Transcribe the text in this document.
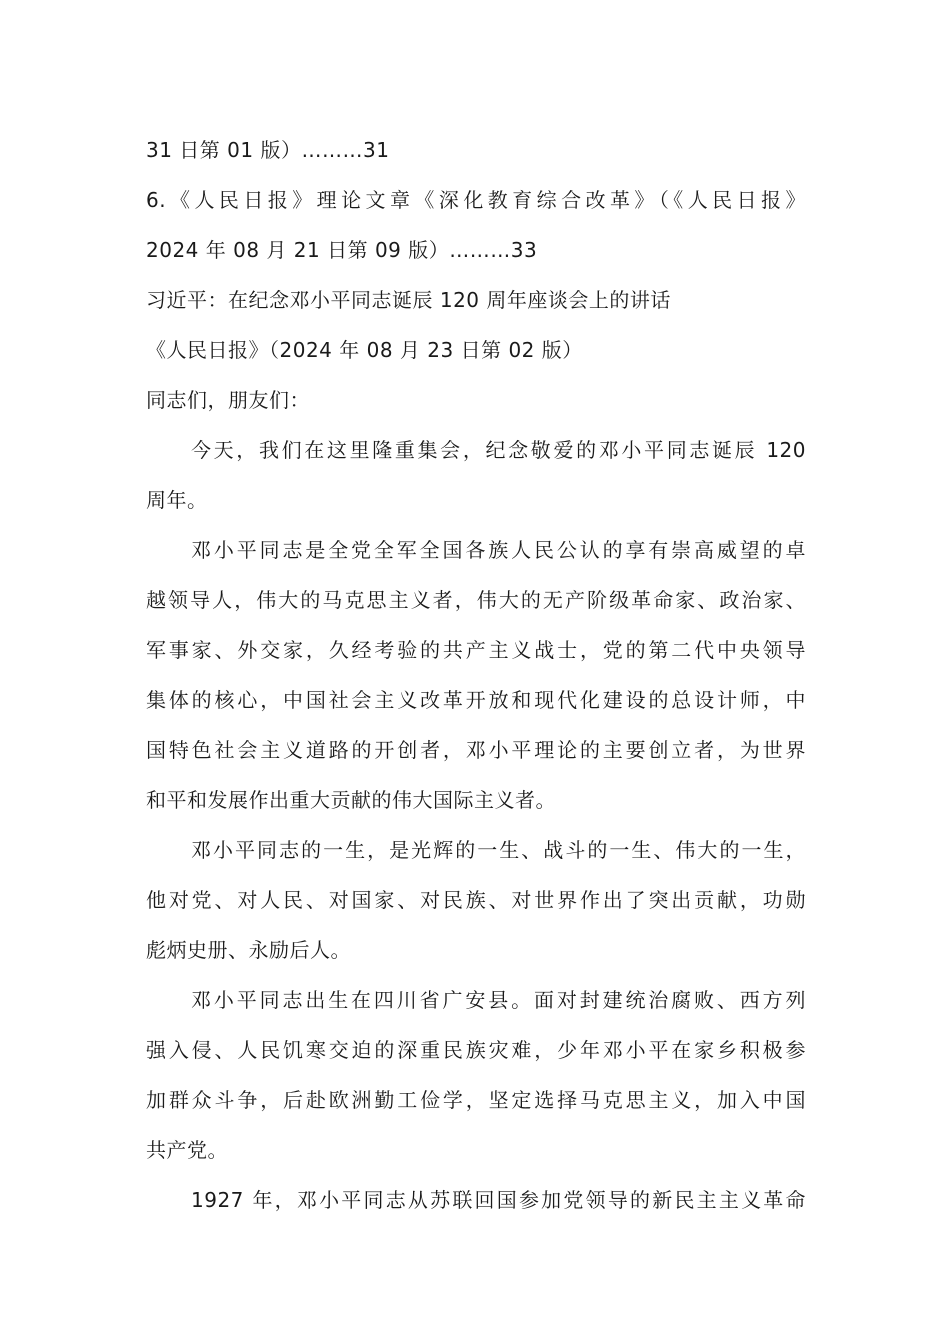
31 日第 01 版）………31
6.《人民日报》理论文章《深化教育综合改革》（《人民日报》
2024 年 08 月 21 日第 09 版）………33
习近平：在纪念邓小平同志诞辰 120 周年座谈会上的讲话
《人民日报》（2024 年 08 月 23 日第 02 版）
同志们，朋友们：
今天，我们在这里隆重集会，纪念敬爱的邓小平同志诞辰 120
周年。
邓小平同志是全党全军全国各族人民公认的享有崇高威望的卓
越领导人，伟大的马克思主义者，伟大的无产阶级革命家、政治家、
军事家、外交家，久经考验的共产主义战士，党的第二代中央领导
集体的核心，中国社会主义改革开放和现代化建设的总设计师，中
国特色社会主义道路的开创者，邓小平理论的主要创立者，为世界
和平和发展作出重大贡献的伟大国际主义者。
邓小平同志的一生，是光辉的一生、战斗的一生、伟大的一生，
他对党、对人民、对国家、对民族、对世界作出了突出贡献，功勋
彪炳史册、永励后人。
邓小平同志出生在四川省广安县。面对封建统治腐败、西方列
强入侵、人民饥寒交迫的深重民族灾难，少年邓小平在家乡积极参
加群众斗争，后赴欧洲勤工俭学，坚定选择马克思主义，加入中国
共产党。
1927 年，邓小平同志从苏联回国参加党领导的新民主主义革命
